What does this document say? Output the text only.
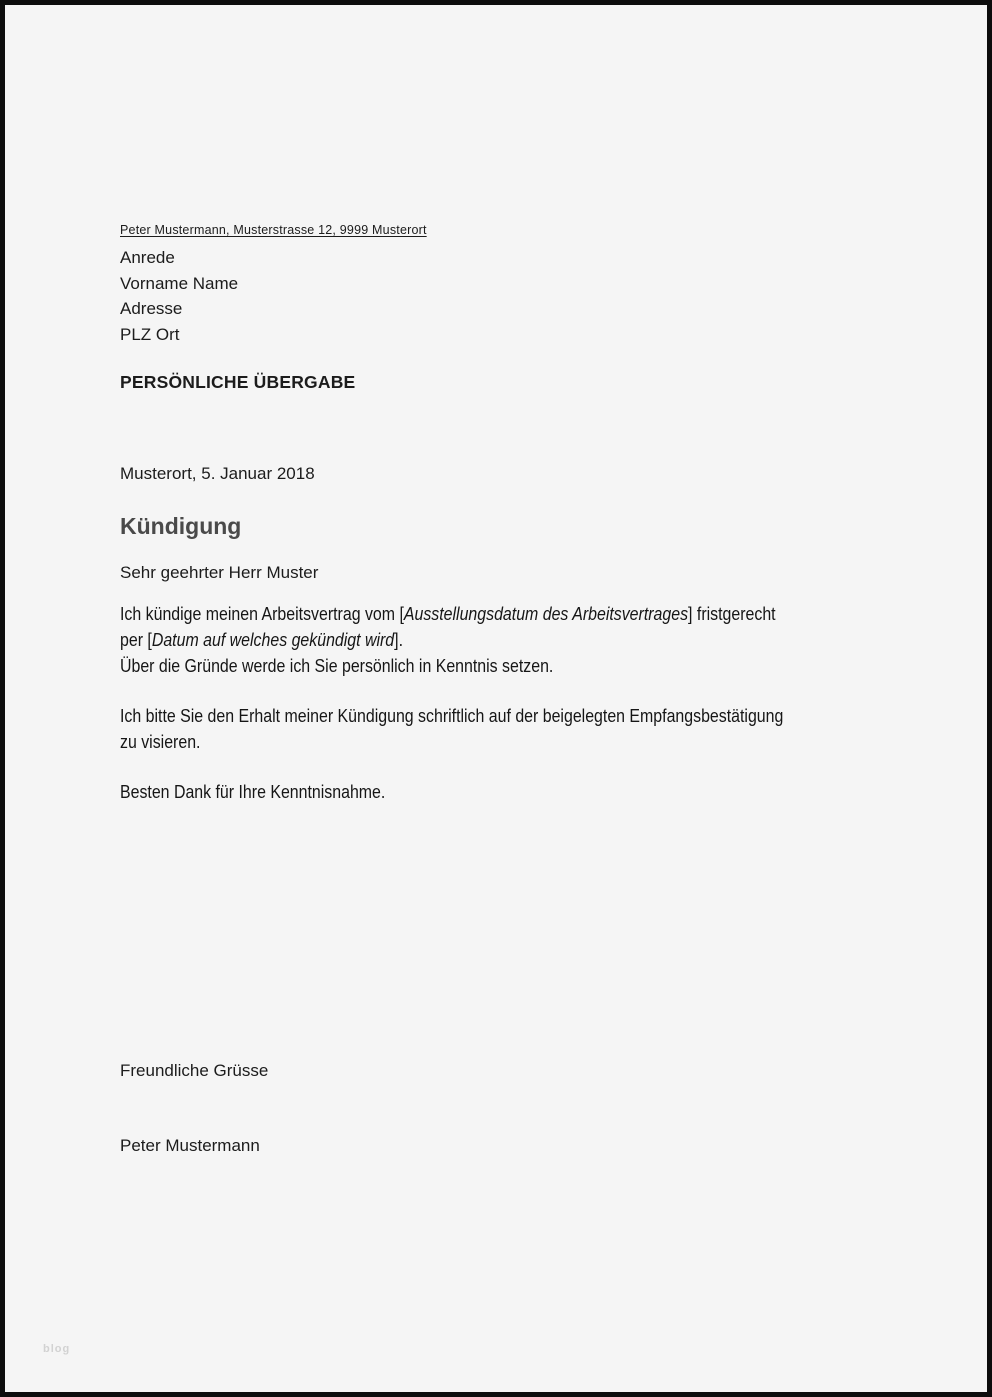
Peter Mustermann, Musterstrasse 12, 9999 Musterort
Anrede
Vorname Name
Adresse
PLZ Ort
PERSÖNLICHE ÜBERGABE
Musterort, 5. Januar 2018
Kündigung
Sehr geehrter Herr Muster
Ich kündige meinen Arbeitsvertrag vom [Ausstellungsdatum des Arbeitsvertrages] fristgerecht
per [Datum auf welches gekündigt wird].
Über die Gründe werde ich Sie persönlich in Kenntnis setzen.
Ich bitte Sie den Erhalt meiner Kündigung schriftlich auf der beigelegten Empfangsbestätigung
zu visieren.
Besten Dank für Ihre Kenntnisnahme.
Freundliche Grüsse
Peter Mustermann
blog
